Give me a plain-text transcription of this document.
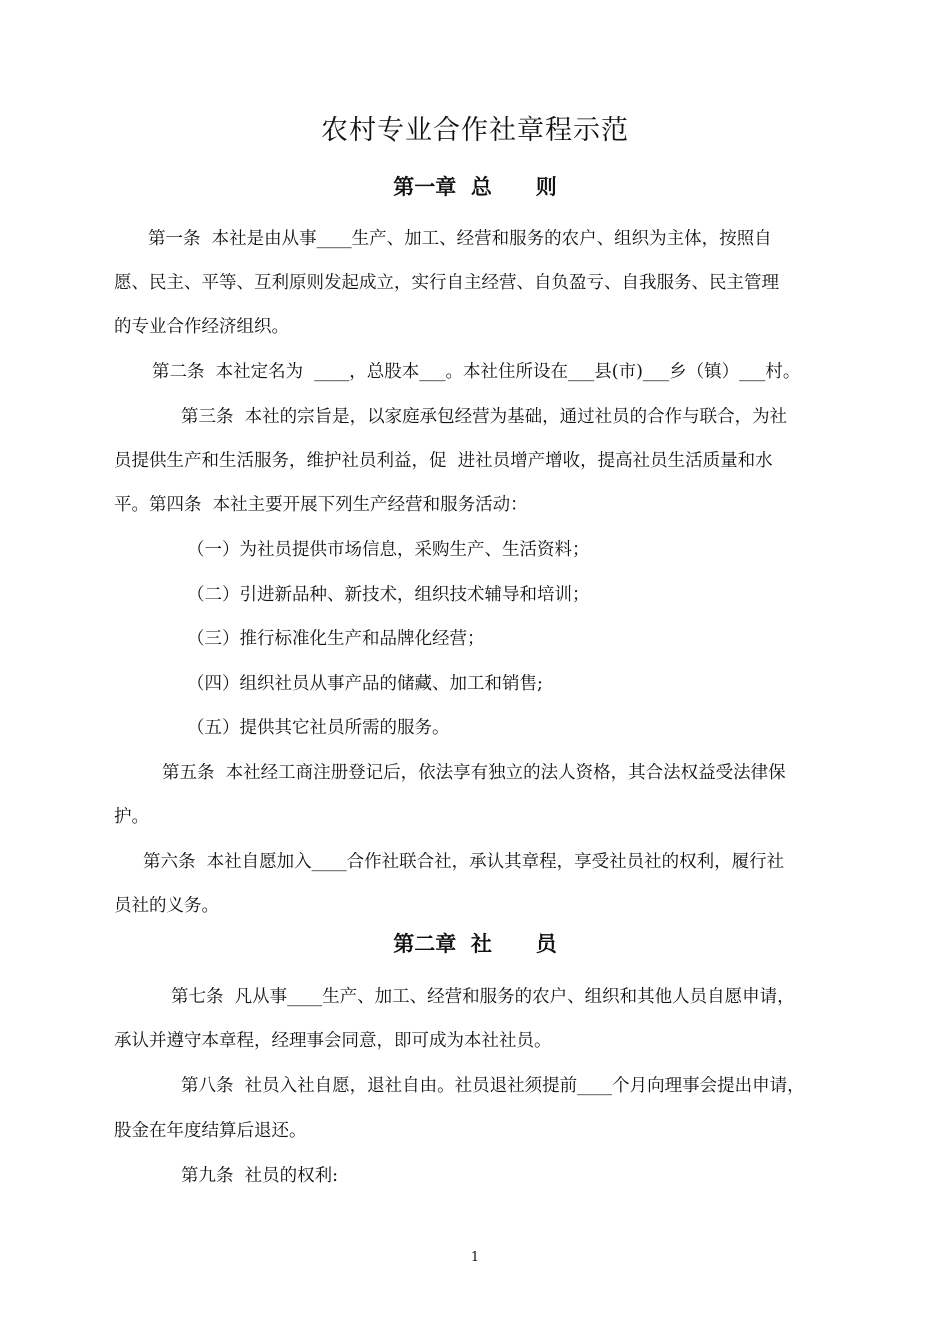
农村专业合作社章程示范
第一章  总      则
第一条  本社是由从事____生产、加工、经营和服务的农户、组织为主体，按照自
愿、民主、平等、互利原则发起成立，实行自主经营、自负盈亏、自我服务、民主管理
的专业合作经济组织。
第二条  本社定名为  ____，总股本___。本社住所设在___县(市)___乡（镇）___村。
第三条  本社的宗旨是，以家庭承包经营为基础，通过社员的合作与联合，为社
员提供生产和生活服务，维护社员利益，促  进社员增产增收，提高社员生活质量和水
平。第四条  本社主要开展下列生产经营和服务活动：
（一）为社员提供市场信息，采购生产、生活资料；
（二）引进新品种、新技术，组织技术辅导和培训；
（三）推行标准化生产和品牌化经营；
（四）组织社员从事产品的储藏、加工和销售;
（五）提供其它社员所需的服务。
第五条  本社经工商注册登记后，依法享有独立的法人资格，其合法权益受法律保
护。
第六条  本社自愿加入____合作社联合社，承认其章程，享受社员社的权利，履行社
员社的义务。
第二章  社      员
第七条  凡从事____生产、加工、经营和服务的农户、组织和其他人员自愿申请，
承认并遵守本章程，经理事会同意，即可成为本社社员。
第八条  社员入社自愿，退社自由。社员退社须提前____个月向理事会提出申请，
股金在年度结算后退还。
第九条  社员的权利:
1
